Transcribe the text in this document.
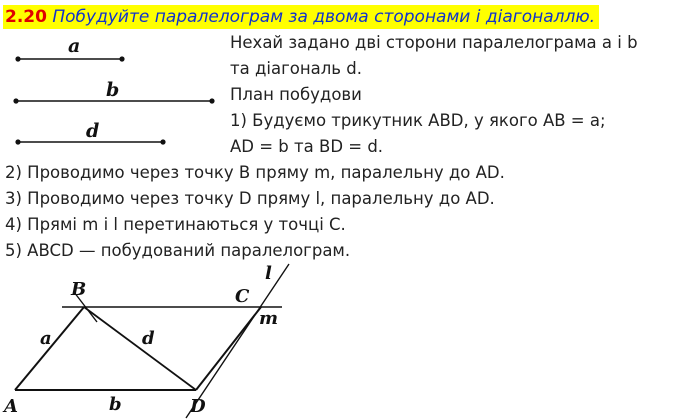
2.20 Побудуйте паралелограм за двома сторонами і діагоналлю.
a
b
d
Нехай задано дві сторони паралелограма a і b
та діагональ d.
План побудови
1) Будуємо трикутник ABD, у якого AB = a;
AD = b та BD = d.
2) Проводимо через точку B пряму m, паралельну до AD.
3) Проводимо через точку D пряму l, паралельну до AD.
4) Прямі m і l перетинаються у точці C.
5) ABCD — побудований паралелограм.
B	C
A	D
a
b
d
l
m
